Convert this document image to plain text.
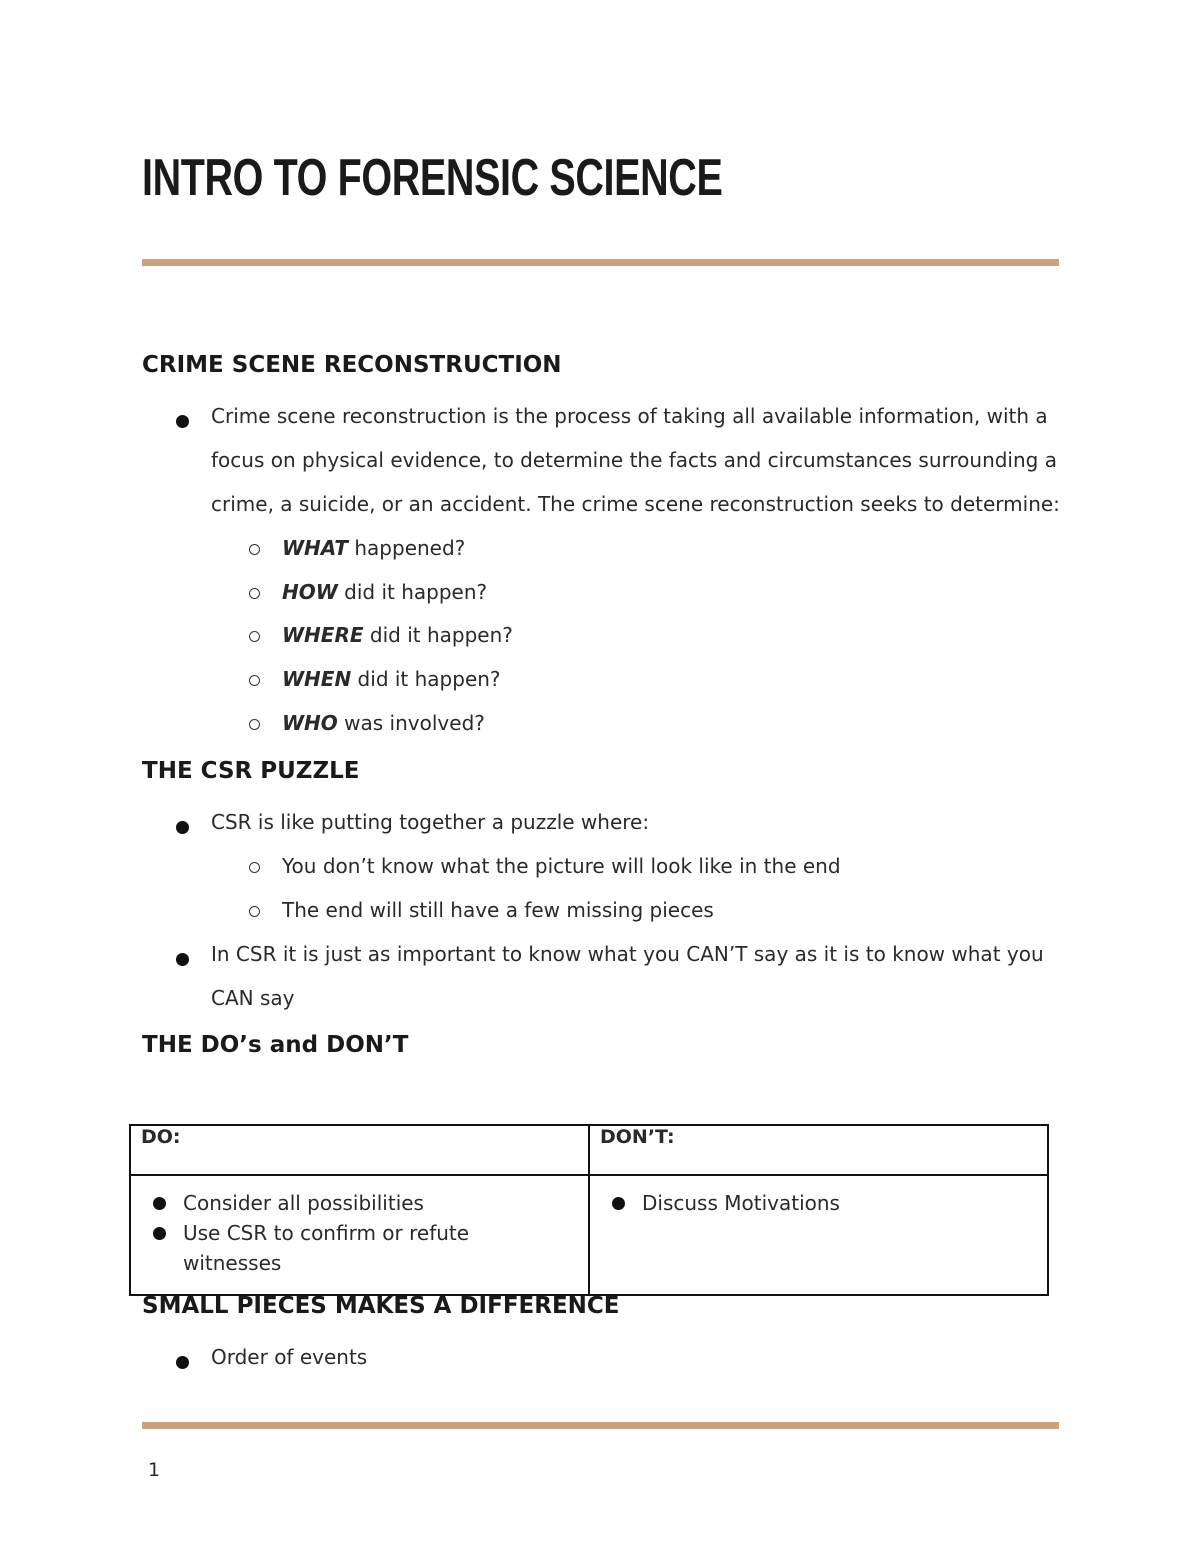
INTRO TO FORENSIC SCIENCE
CRIME SCENE RECONSTRUCTION
Crime scene reconstruction is the process of taking all available information, with a
focus on physical evidence, to determine the facts and circumstances surrounding a
crime, a suicide, or an accident. The crime scene reconstruction seeks to determine:
WHAT happened?
HOW did it happen?
WHERE did it happen?
WHEN did it happen?
WHO was involved?
THE CSR PUZZLE
CSR is like putting together a puzzle where:
You don’t know what the picture will look like in the end
The end will still have a few missing pieces
In CSR it is just as important to know what you CAN’T say as it is to know what you
CAN say
THE DO’s and DON’T
DO:	DON’T:

Consider all possibilities
Use CSR to confirm or refute
witnesses	Discuss Motivations
SMALL PIECES MAKES A DIFFERENCE
Order of events
1
